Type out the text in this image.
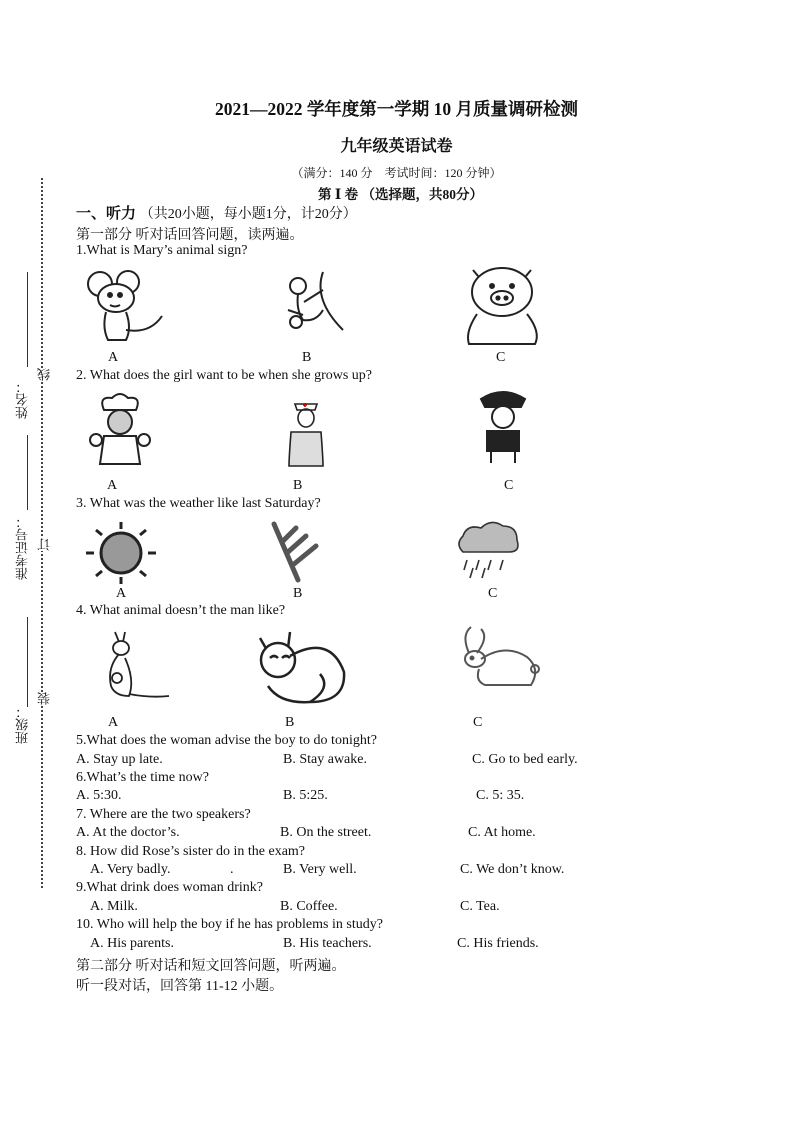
姓名：
准考证号：
班级：
线
订
装
2021—2022 学年度第一学期 10 月质量调研检测
九年级英语试卷
（满分：140 分　考试时间：120 分钟）
第 Ⅰ 卷 （选择题，共80分）
一、听力 （共20小题，每小题1分，计20分）
第一部分 听对话回答问题，读两遍。
1.What is Mary’s animal sign?
A	B	C
2. What does the girl want to be when she grows up?
A	B	C
3. What was the weather like last Saturday?
A	B	C
4. What animal doesn’t the man like?
A	B	C
5.What does the woman advise the boy to do tonight?
A. Stay up late.	B. Stay awake.	C. Go to bed early.
6.What’s the time now?
A. 5:30.	B. 5:25.	C. 5: 35.
7. Where are the two speakers?
A. At the doctor’s.	B. On the street.	C. At home.
8. How did Rose’s sister do in the exam?
A. Very badly.	.	B. Very well.	C. We don’t know.
9.What drink does woman drink?
A. Milk.	B. Coffee.	C. Tea.
10. Who will help the boy if he has problems in study?
A. His parents.	B. His teachers.	C. His friends.
第二部分 听对话和短文回答问题，听两遍。
听一段对话，回答第 11-12 小题。
